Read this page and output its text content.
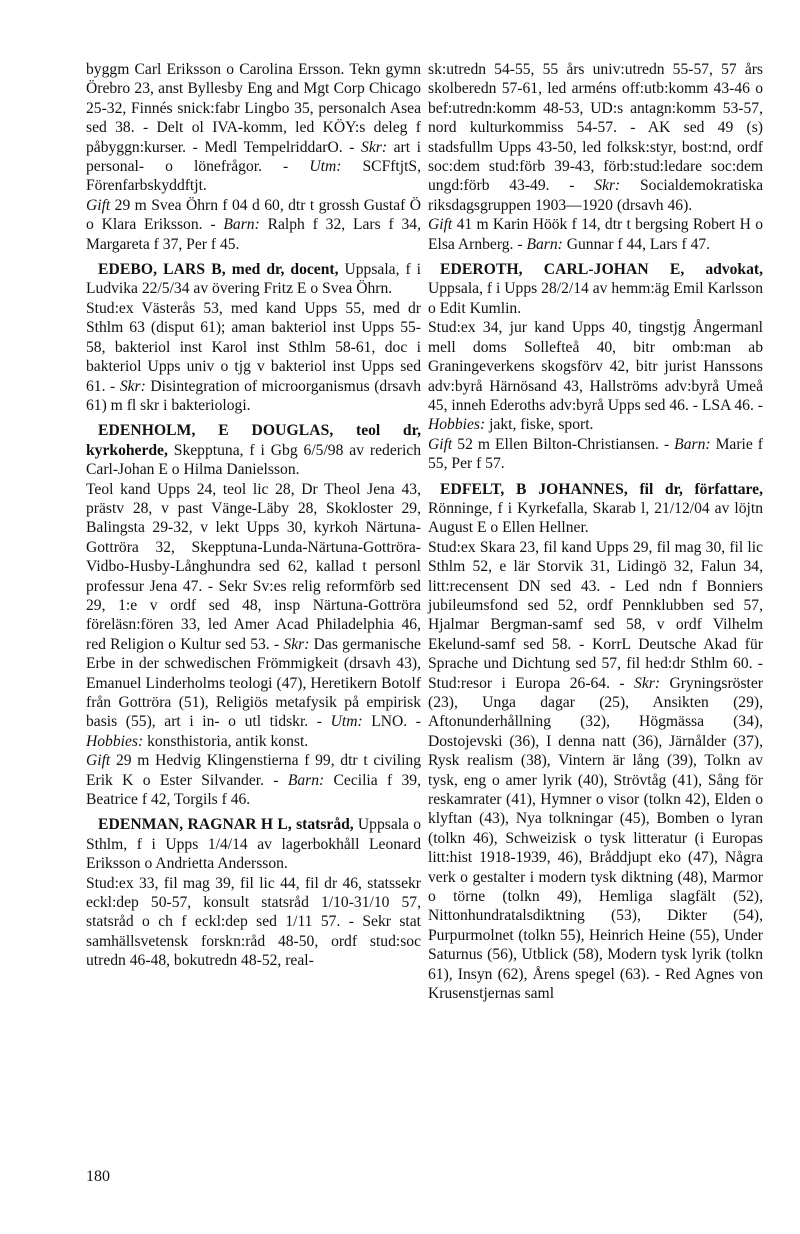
byggm Carl Eriksson o Carolina Ersson. Tekn gymn Örebro 23, anst Byllesby Eng and Mgt Corp Chicago 25-32, Finnés snick:fabr Lingbo 35, personalch Asea sed 38. - Delt ol IVA-komm, led KÖY:s deleg f påbyggn:kurser. - Medl TempelriddarO. - Skr: art i personal- o lönefrågor. - Utm: SCFftjtS, Förenfarbskyddftjt.

Gift 29 m Svea Öhrn f 04 d 60, dtr t grossh Gustaf Ö o Klara Eriksson. - Barn: Ralph f 32, Lars f 34, Margareta f 37, Per f 45.

EDEBO, LARS B, med dr, docent, Uppsala, f i Ludvika 22/5/34 av övering Fritz E o Svea Öhrn.

Stud:ex Västerås 53, med kand Upps 55, med dr Sthlm 63 (disput 61); aman bakteriol inst Upps 55-58, bakteriol inst Karol inst Sthlm 58-61, doc i bakteriol Upps univ o tjg v bakteriol inst Upps sed 61. - Skr: Disintegration of microorganismus (drsavh 61) m fl skr i bakteriologi.

EDENHOLM, E DOUGLAS, teol dr, kyrkoherde, Skepptuna, f i Gbg 6/5/98 av rederich Carl-Johan E o Hilma Danielsson.

Teol kand Upps 24, teol lic 28, Dr Theol Jena 43, prästv 28, v past Vänge-Läby 28, Skokloster 29, Balingsta 29-32, v lekt Upps 30, kyrkoh Närtuna-Gottröra 32, Skepptuna-Lunda-Närtuna-Gottröra-Vidbo-Husby-Långhundra sed 62, kallad t personl professur Jena 47. - Sekr Sv:es relig reformförb sed 29, 1:e v ordf sed 48, insp Närtuna-Gottröra föreläsn:fören 33, led Amer Acad Philadelphia 46, red Religion o Kultur sed 53. - Skr: Das germanische Erbe in der schwedischen Frömmigkeit (drsavh 43), Emanuel Linderholms teologi (47), Heretikern Botolf från Gottröra (51), Religiös metafysik på empirisk basis (55), art i in- o utl tidskr. - Utm: LNO. - Hobbies: konsthistoria, antik konst.

Gift 29 m Hedvig Klingenstierna f 99, dtr t civiling Erik K o Ester Silvander. - Barn: Cecilia f 39, Beatrice f 42, Torgils f 46.

EDENMAN, RAGNAR H L, statsråd, Uppsala o Sthlm, f i Upps 1/4/14 av lagerbokhåll Leonard Eriksson o Andrietta Andersson.

Stud:ex 33, fil mag 39, fil lic 44, fil dr 46, statssekr eckl:dep 50-57, konsult statsråd 1/10-31/10 57, statsråd o ch f eckl:dep sed 1/11 57. - Sekr stat samhällsvetensk forskn:råd 48-50, ordf stud:soc utredn 46-48, bokutredn 48-52, real-

sk:utredn 54-55, 55 års univ:utredn 55-57, 57 års skolberedn 57-61, led arméns off:utb:komm 43-46 o bef:utredn:komm 48-53, UD:s antagn:komm 53-57, nord kulturkommiss 54-57. - AK sed 49 (s) stadsfullm Upps 43-50, led folksk:styr, bost:nd, ordf soc:dem stud:förb 39-43, förb:stud:ledare soc:dem ungd:förb 43-49. - Skr: Socialdemokratiska riksdagsgruppen 1903—1920 (drsavh 46).

Gift 41 m Karin Höök f 14, dtr t bergsing Robert H o Elsa Arnberg. - Barn: Gunnar f 44, Lars f 47.

EDEROTH, CARL-JOHAN E, advokat, Uppsala, f i Upps 28/2/14 av hemm:äg Emil Karlsson o Edit Kumlin.

Stud:ex 34, jur kand Upps 40, tingstjg Ångermanl mell doms Sollefteå 40, bitr omb:man ab Graningeverkens skogsförv 42, bitr jurist Hanssons adv:byrå Härnösand 43, Hallströms adv:byrå Umeå 45, inneh Ederoths adv:byrå Upps sed 46. - LSA 46. - Hobbies: jakt, fiske, sport.

Gift 52 m Ellen Bilton-Christiansen. - Barn: Marie f 55, Per f 57.

EDFELT, B JOHANNES, fil dr, författare, Rönninge, f i Kyrkefalla, Skarab l, 21/12/04 av löjtn August E o Ellen Hellner.

Stud:ex Skara 23, fil kand Upps 29, fil mag 30, fil lic Sthlm 52, e lär Storvik 31, Lidingö 32, Falun 34, litt:recensent DN sed 43. - Led ndn f Bonniers jubileumsfond sed 52, ordf Pennklubben sed 57, Hjalmar Bergman-samf sed 58, v ordf Vilhelm Ekelund-samf sed 58. - KorrL Deutsche Akad für Sprache und Dichtung sed 57, fil hed:dr Sthlm 60. - Stud:resor i Europa 26-64. - Skr: Gryningsröster (23), Unga dagar (25), Ansikten (29), Aftonunderhållning (32), Högmässa (34), Dostojevski (36), I denna natt (36), Järnålder (37), Rysk realism (38), Vintern är lång (39), Tolkn av tysk, eng o amer lyrik (40), Strövtåg (41), Sång för reskamrater (41), Hymner o visor (tolkn 42), Elden o klyftan (43), Nya tolkningar (45), Bomben o lyran (tolkn 46), Schweizisk o tysk litteratur (i Europas litt:hist 1918-1939, 46), Bråddjupt eko (47), Några verk o gestalter i modern tysk diktning (48), Marmor o törne (tolkn 49), Hemliga slagfält (52), Nittonhundratalsdiktning (53), Dikter (54), Purpurmolnet (tolkn 55), Heinrich Heine (55), Under Saturnus (56), Utblick (58), Modern tysk lyrik (tolkn 61), Insyn (62), Årens spegel (63). - Red Agnes von Krusenstjernas saml

180
